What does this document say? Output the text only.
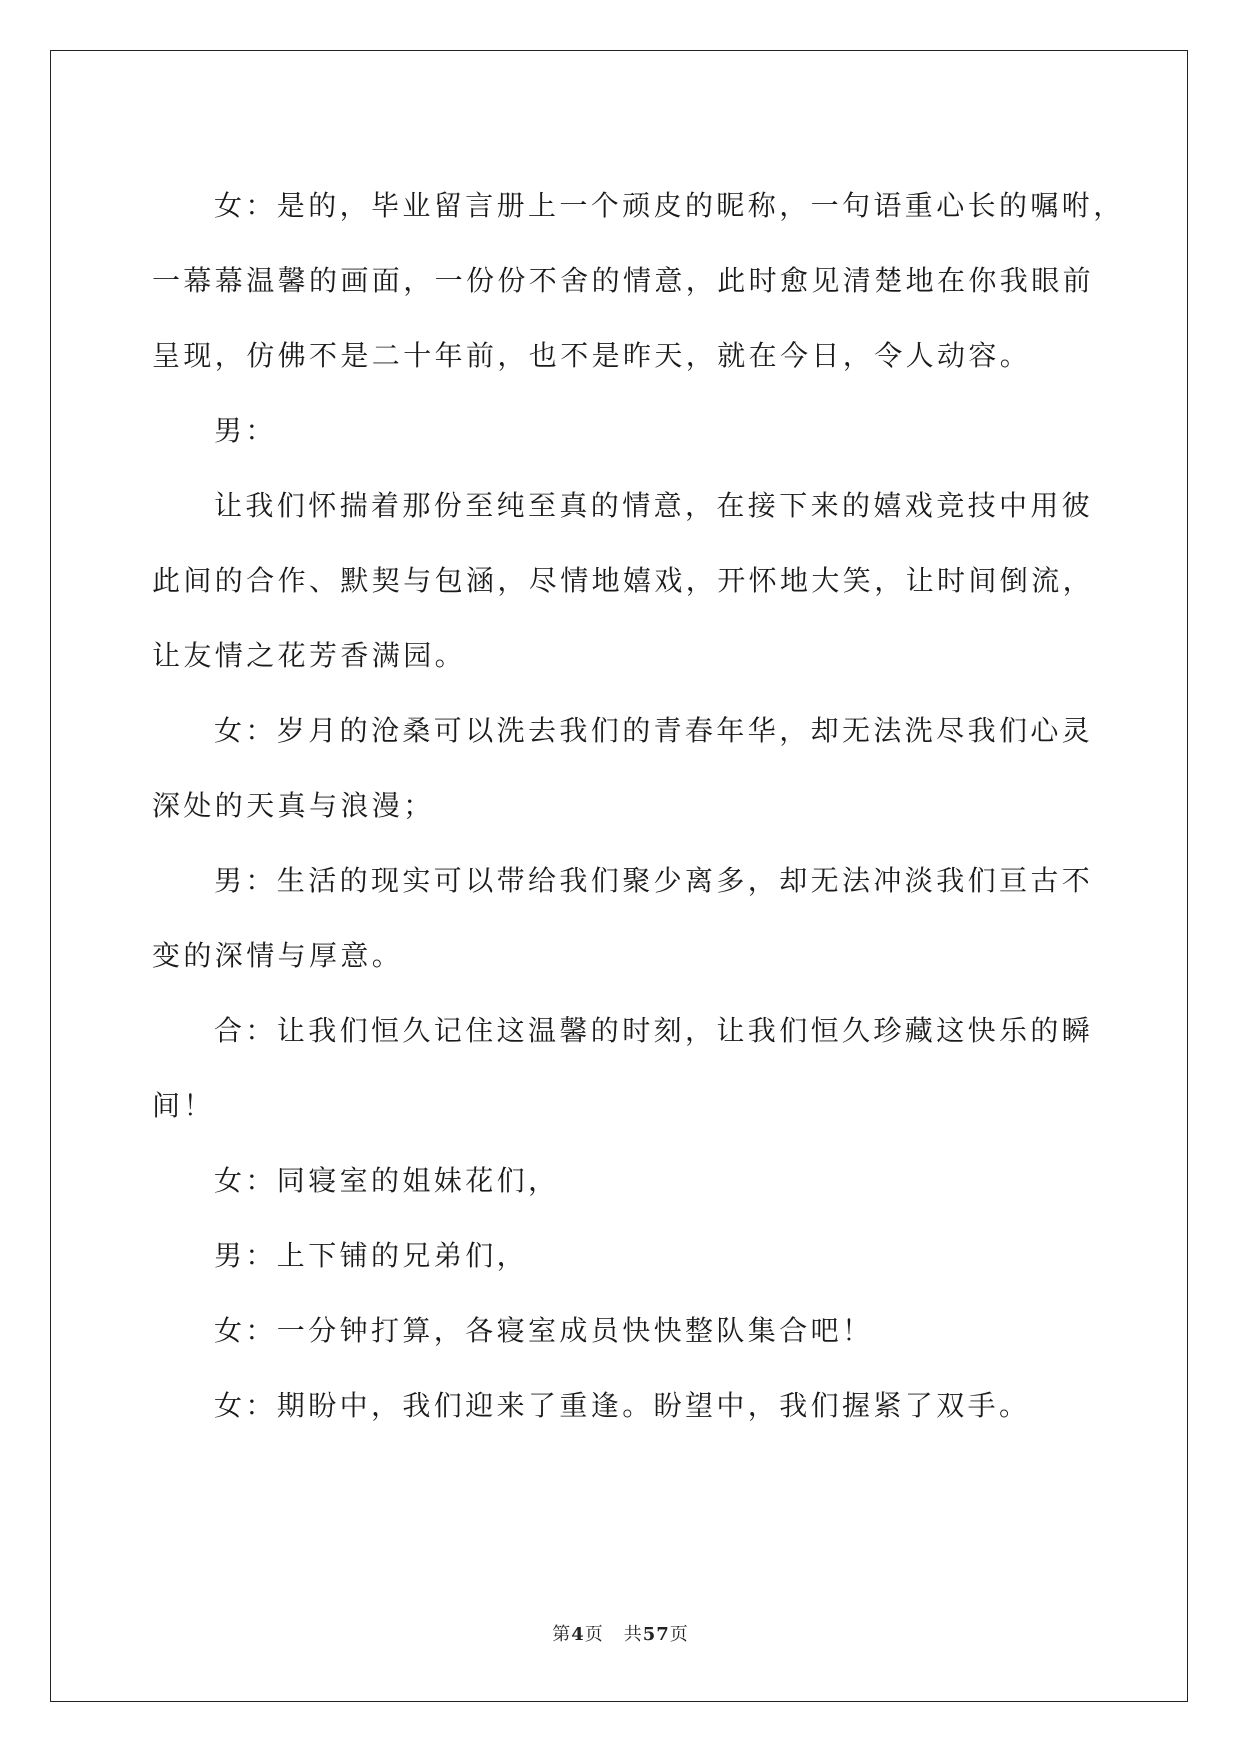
女：是的，毕业留言册上一个顽皮的昵称，一句语重心长的嘱咐，
一幕幕温馨的画面，一份份不舍的情意，此时愈见清楚地在你我眼前
呈现，仿佛不是二十年前，也不是昨天，就在今日，令人动容。

男：

让我们怀揣着那份至纯至真的情意，在接下来的嬉戏竞技中用彼
此间的合作、默契与包涵，尽情地嬉戏，开怀地大笑，让时间倒流，
让友情之花芳香满园。

女：岁月的沧桑可以洗去我们的青春年华，却无法洗尽我们心灵
深处的天真与浪漫；

男：生活的现实可以带给我们聚少离多，却无法冲淡我们亘古不
变的深情与厚意。

合：让我们恒久记住这温馨的时刻，让我们恒久珍藏这快乐的瞬
间！

女：同寝室的姐妹花们，

男：上下铺的兄弟们，

女：一分钟打算，各寝室成员快快整队集合吧！

女：期盼中，我们迎来了重逢。盼望中，我们握紧了双手。

第4页 共57页
